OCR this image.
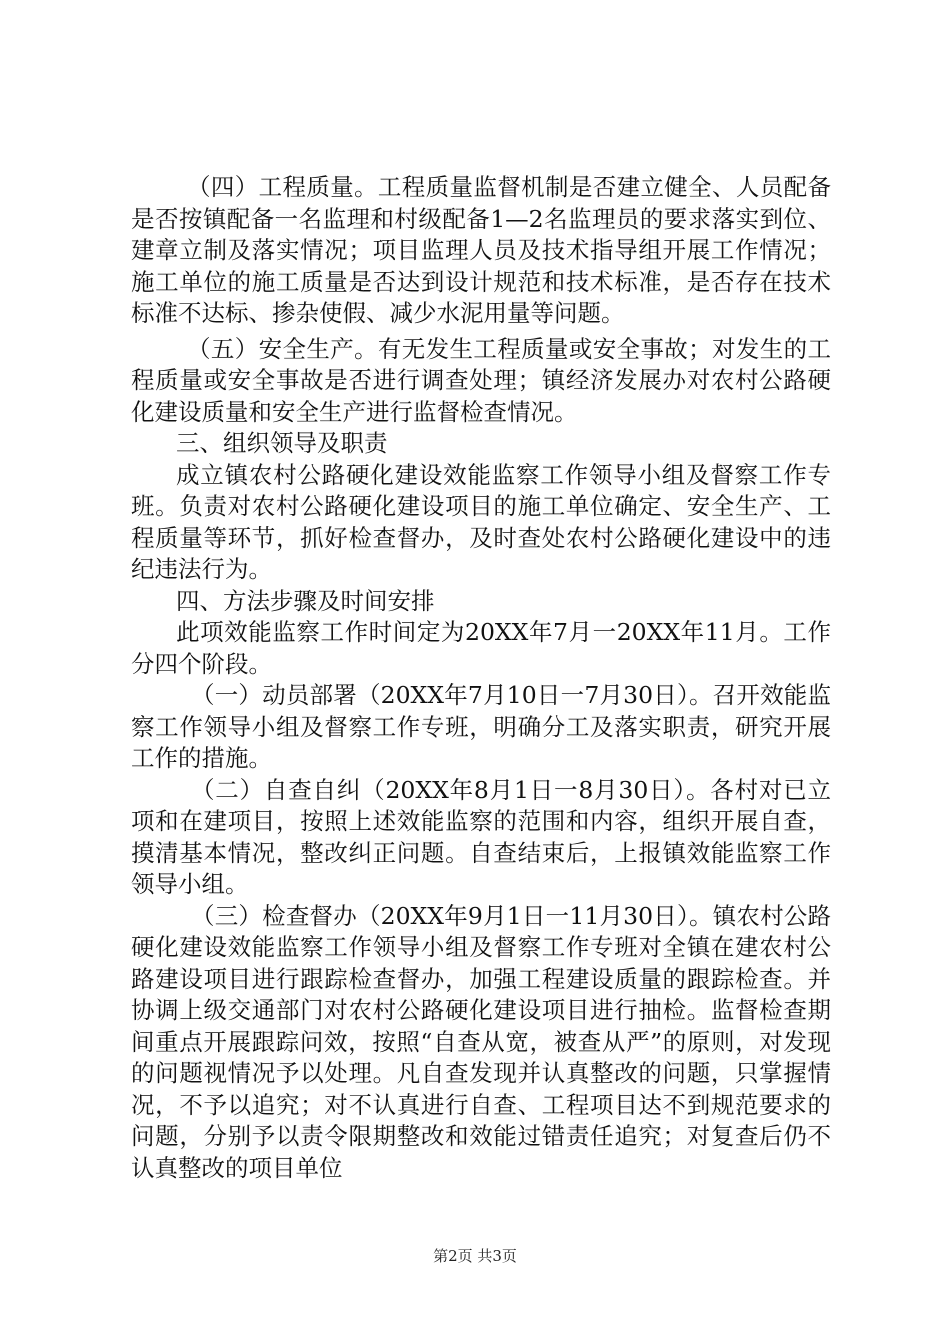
（四）工程质量。工程质量监督机制是否建立健全、人员配备是否按镇配备一名监理和村级配备1—2名监理员的要求落实到位、建章立制及落实情况；项目监理人员及技术指导组开展工作情况；施工单位的施工质量是否达到设计规范和技术标准，是否存在技术标准不达标、掺杂使假、减少水泥用量等问题。

（五）安全生产。有无发生工程质量或安全事故；对发生的工程质量或安全事故是否进行调查处理；镇经济发展办对农村公路硬化建设质量和安全生产进行监督检查情况。

三、组织领导及职责

成立镇农村公路硬化建设效能监察工作领导小组及督察工作专班。负责对农村公路硬化建设项目的施工单位确定、安全生产、工程质量等环节，抓好检查督办，及时查处农村公路硬化建设中的违纪违法行为。

四、方法步骤及时间安排

此项效能监察工作时间定为20XX年7月一20XX年11月。工作分四个阶段。

（一）动员部署（20XX年7月10日一7月30日）。召开效能监察工作领导小组及督察工作专班，明确分工及落实职责，研究开展工作的措施。

（二）自查自纠（20XX年8月1日一8月30日）。各村对已立项和在建项目，按照上述效能监察的范围和内容，组织开展自查，摸清基本情况，整改纠正问题。自查结束后，上报镇效能监察工作领导小组。

（三）检查督办（20XX年9月1日一11月30日）。镇农村公路硬化建设效能监察工作领导小组及督察工作专班对全镇在建农村公路建设项目进行跟踪检查督办，加强工程建设质量的跟踪检查。并协调上级交通部门对农村公路硬化建设项目进行抽检。监督检查期间重点开展跟踪问效，按照“自查从宽，被查从严”的原则，对发现的问题视情况予以处理。凡自查发现并认真整改的问题，只掌握情况，不予以追究；对不认真进行自查、工程项目达不到规范要求的问题，分别予以责令限期整改和效能过错责任追究；对复查后仍不认真整改的项目单位

第2页 共3页
